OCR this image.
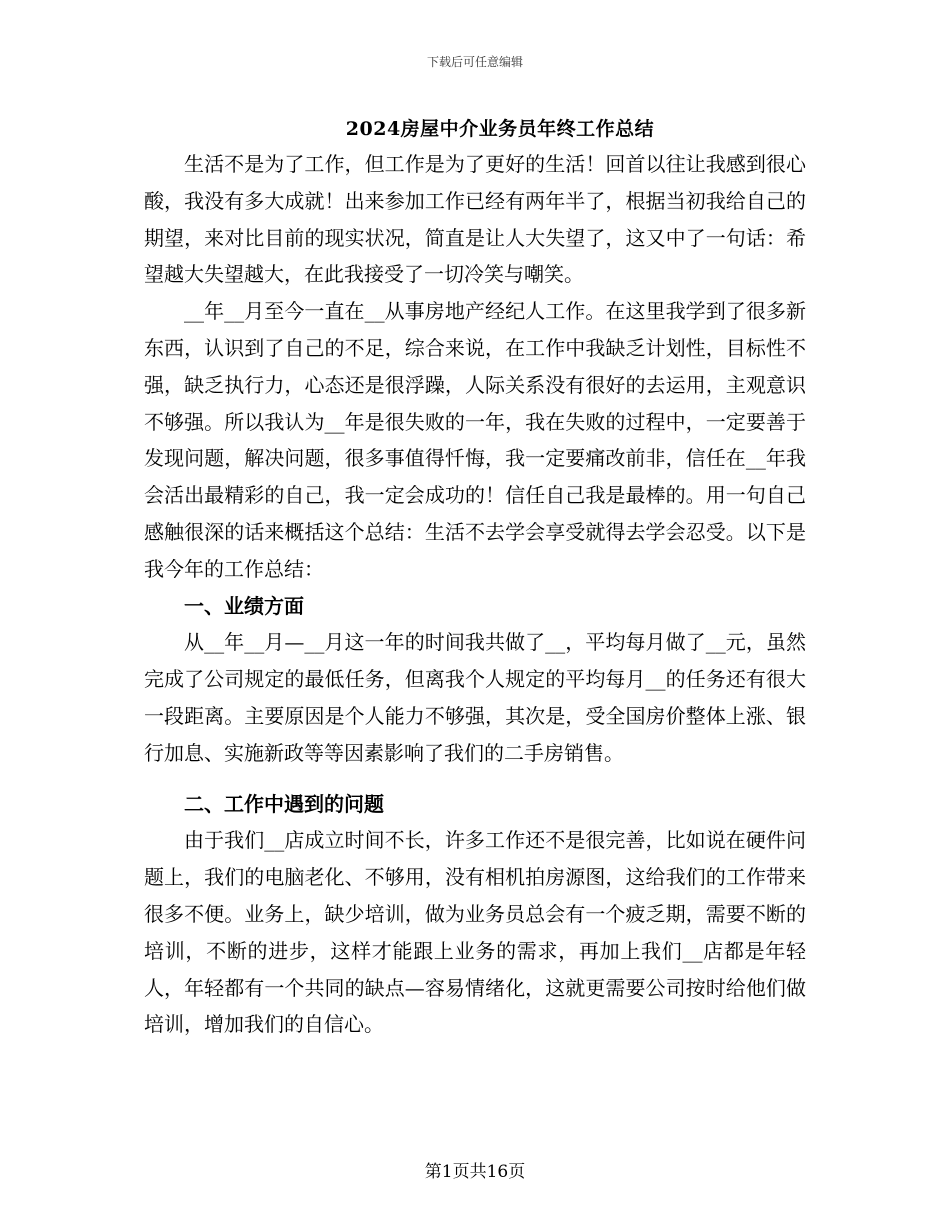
下载后可任意编辑
2024房屋中介业务员年终工作总结

生活不是为了工作，但工作是为了更好的生活！回首以往让我感到很心酸，我没有多大成就！出来参加工作已经有两年半了，根据当初我给自己的期望，来对比目前的现实状况，简直是让人大失望了，这又中了一句话：希望越大失望越大，在此我接受了一切冷笑与嘲笑。

__年__月至今一直在__从事房地产经纪人工作。在这里我学到了很多新东西，认识到了自己的不足，综合来说，在工作中我缺乏计划性，目标性不强，缺乏执行力，心态还是很浮躁，人际关系没有很好的去运用，主观意识不够强。所以我认为__年是很失败的一年，我在失败的过程中，一定要善于发现问题，解决问题，很多事值得忏悔，我一定要痛改前非，信任在__年我会活出最精彩的自己，我一定会成功的！信任自己我是最棒的。用一句自己感触很深的话来概括这个总结：生活不去学会享受就得去学会忍受。以下是我今年的工作总结：

一、业绩方面

从__年__月—__月这一年的时间我共做了__，平均每月做了__元，虽然完成了公司规定的最低任务，但离我个人规定的平均每月__的任务还有很大一段距离。主要原因是个人能力不够强，其次是，受全国房价整体上涨、银行加息、实施新政等等因素影响了我们的二手房销售。

二、工作中遇到的问题

由于我们__店成立时间不长，许多工作还不是很完善，比如说在硬件问题上，我们的电脑老化、不够用，没有相机拍房源图，这给我们的工作带来很多不便。业务上，缺少培训，做为业务员总会有一个疲乏期，需要不断的培训，不断的进步，这样才能跟上业务的需求，再加上我们__店都是年轻人，年轻都有一个共同的缺点—容易情绪化，这就更需要公司按时给他们做培训，增加我们的自信心。

第1页共16页
